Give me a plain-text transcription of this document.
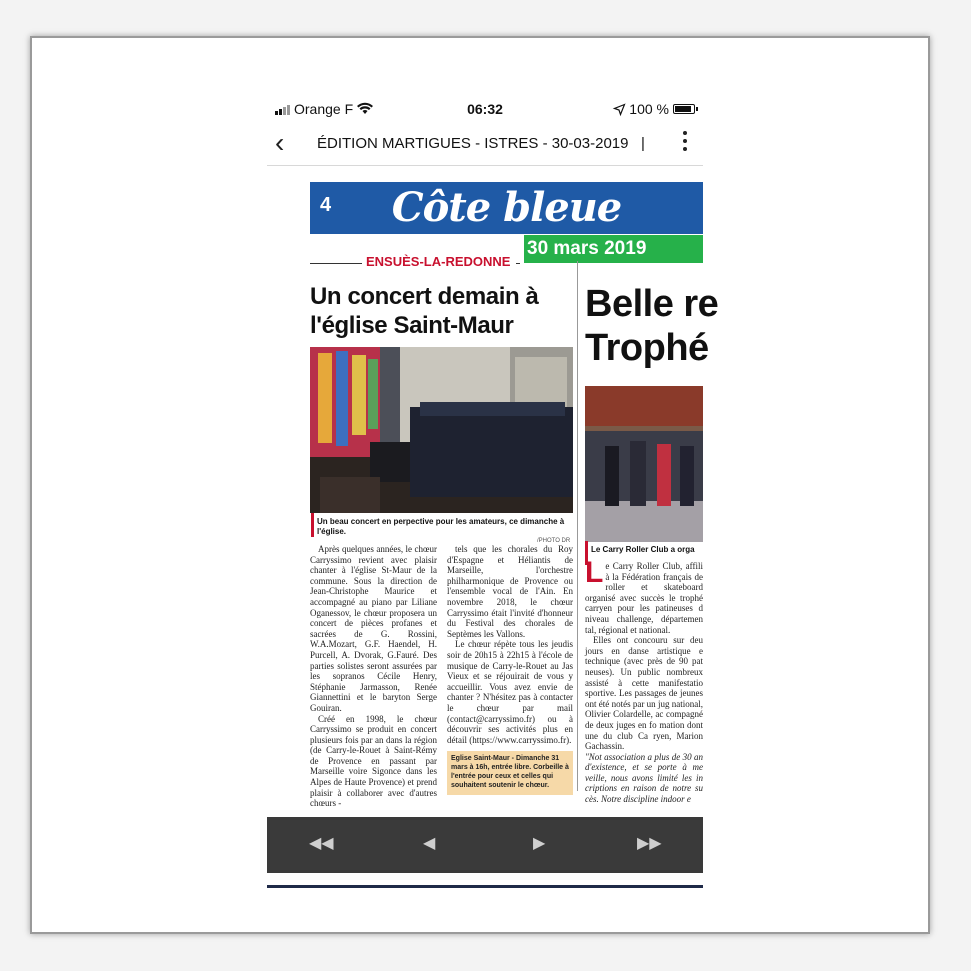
Orange F	06:32	100 %
‹ ÉDITION MARTIGUES - ISTRES - 30-03-2019 |
4	Côte bleue
30 mars 2019
ENSUÈS-LA-REDONNE
Un concert demain à l'église Saint-Maur
Belle re
Trophé
Un beau concert en perpective pour les amateurs, ce dimanche à l'église.
/PHOTO DR
Le Carry Roller Club a orga

Après quelques années, le chœur Carryssimo revient avec plaisir chanter à l'église St-Maur de la commune. Sous la direction de Jean-Christophe Maurice et accompagné au piano par Liliane Oganessov, le chœur proposera un concert de pièces profanes et sacrées de G. Rossini, W.A.Mozart, G.F. Haendel, H. Purcell, A. Dvorak, G.Fauré. Des parties solistes seront assurées par les sopranos Cécile Henry, Stéphanie Jarmasson, Renée Giannettini et le baryton Serge Gouiran.

Créé en 1998, le chœur Carryssimo se produit en concert plusieurs fois par an dans la région (de Carry-le-Rouet à Saint-Rémy de Provence en passant par Marseille voire Sigonce dans les Alpes de Haute Provence) et prend plaisir à collaborer avec d'autres chœurs -

tels que les chorales du Roy d'Espagne et Héliantis de Marseille, l'orchestre philharmonique de Provence ou l'ensemble vocal de l'Ain. En novembre 2018, le chœur Carryssimo était l'invité d'honneur du Festival des chorales de Septèmes les Vallons.

Le chœur répète tous les jeudis soir de 20h15 à 22h15 à l'école de musique de Carry-le-Rouet au Jas Vieux et se réjouirait de vous y accueillir. Vous avez envie de chanter ? N'hésitez pas à contacter le chœur par mail (contact@carryssimo.fr) ou à découvrir ses activités plus en détail (https://www.carryssimo.fr).

Eglise Saint-Maur - Dimanche 31 mars à 16h, entrée libre. Corbeille à l'entrée pour ceux et celles qui souhaitent soutenir le chœur.
Le Carry Roller Club, affili à la Fédération français de roller et skateboard organisé avec succès le trophé carryen pour les patineuses d niveau challenge, départemen tal, régional et national.

Elles ont concouru sur deu jours en danse artistique e technique (avec près de 90 pat neuses). Un public nombreux assisté à cette manifestatio sportive. Les passages de jeunes ont été notés par un jug national, Olivier Colardelle, ac compagné de deux juges en fo mation dont une du club Ca ryen, Marion Gachassin.

"Not association a plus de 30 an d'existence, et se porte à me veille, nous avons limité les in criptions en raison de notre su cès. Notre discipline indoor e

◀◀	◀	▶	▶▶
